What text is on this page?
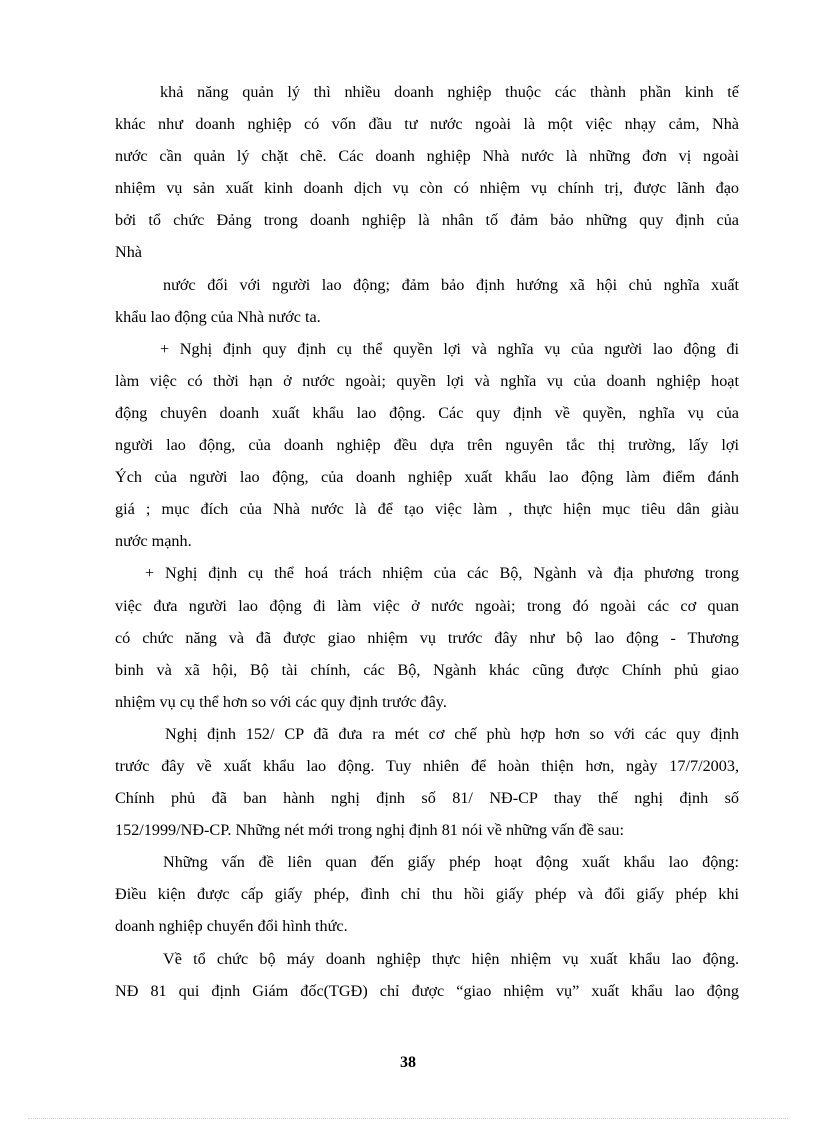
khả năng quản lý thì nhiều doanh nghiệp thuộc các thành phần kinh tế
khác như doanh nghiệp có vốn đầu tư nước ngoài là một việc nhạy cảm, Nhà
nước cần quản lý chặt chẽ. Các doanh nghiệp Nhà nước là những đơn vị ngoài
nhiệm vụ sản xuất kinh doanh dịch vụ còn có nhiệm vụ chính trị, được lãnh đạo
bởi tổ chức Đảng trong doanh nghiệp là nhân tố đảm bảo những quy định của
Nhà
nước đối với người lao động; đảm bảo định hướng xã hội chủ nghĩa xuất
khẩu lao động của Nhà nước ta.
+ Nghị định quy định cụ thể quyền lợi và nghĩa vụ của người lao động đi
làm việc có thời hạn ở nước ngoài; quyền lợi và nghĩa vụ của doanh nghiệp hoạt
động chuyên doanh xuất khẩu lao động. Các quy định về quyền, nghĩa vụ của
người lao động, của doanh nghiệp đều dựa trên nguyên tắc thị trường, lấy lợi
Ých của người lao động, của doanh nghiệp xuất khẩu lao động làm điểm đánh
giá ; mục đích của Nhà nước là để tạo việc làm , thực hiện mục tiêu dân giàu
nước mạnh.
+ Nghị định cụ thể hoá trách nhiệm của các Bộ, Ngành và địa phương trong
việc đưa người lao động đi làm việc ở nước ngoài; trong đó ngoài các cơ quan
có chức năng và đã được giao nhiệm vụ trước đây như bộ lao động - Thương
binh và xã hội, Bộ tài chính, các Bộ, Ngành khác cũng được Chính phủ giao
nhiệm vụ cụ thể hơn so với các quy định trước đây.
Nghị định 152/ CP đã đưa ra mét cơ chế phù hợp hơn so với các quy định
trước đây về xuất khẩu lao động. Tuy nhiên để hoàn thiện hơn, ngày 17/7/2003,
Chính phủ đã ban hành nghị định số 81/ NĐ-CP thay thế nghị định số
152/1999/NĐ-CP. Những nét mới trong nghị định 81 nói về những vấn đề sau:
Những vấn đề liên quan đến giấy phép hoạt động xuất khẩu lao động:
Điều kiện được cấp giấy phép, đình chỉ thu hồi giấy phép và đổi giấy phép khi
doanh nghiệp chuyển đổi hình thức.
Về tổ chức bộ máy doanh nghiệp thực hiện nhiệm vụ xuất khẩu lao động.
NĐ 81 qui định Giám đốc(TGĐ) chỉ được “giao nhiệm vụ” xuất khẩu lao động
38
